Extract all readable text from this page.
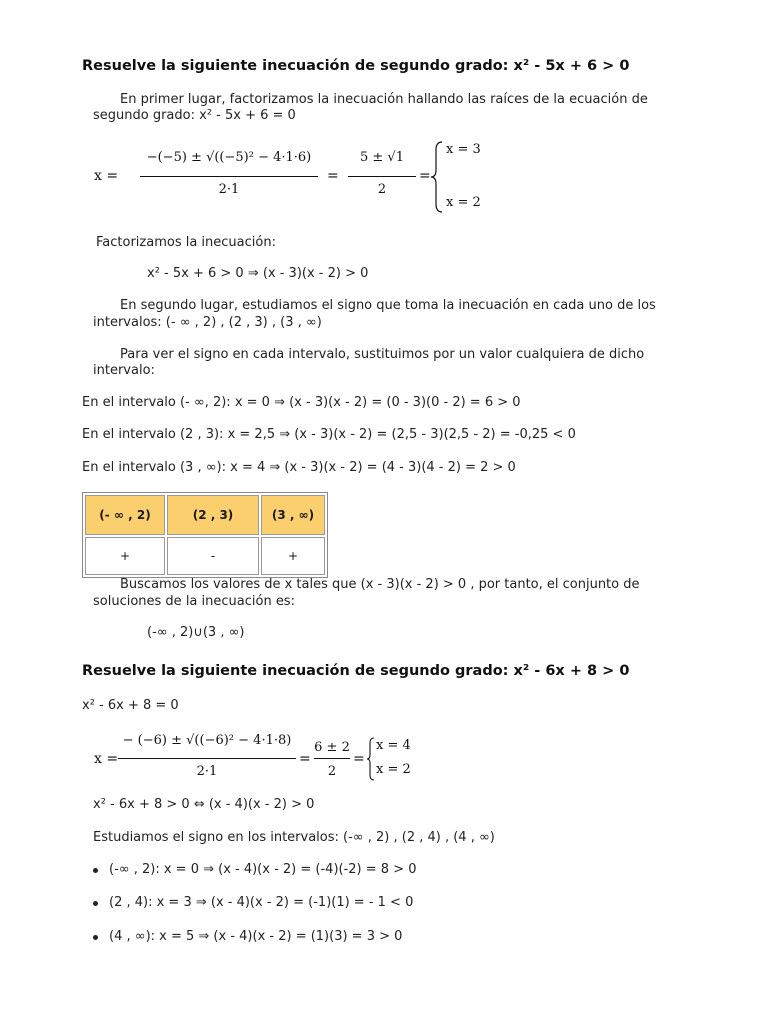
Resuelve la siguiente inecuación de segundo grado: x² - 5x + 6 > 0
En primer lugar, factorizamos la inecuación hallando las raíces de la ecuación de
segundo grado: x² - 5x + 6 = 0
x =
−(−5) ± √((−5)² − 4·1·6)
2·1
=
5 ± √1
2
=
x = 3
x = 2
Factorizamos la inecuación:
x² - 5x + 6 > 0 ⇒ (x - 3)(x - 2) > 0
En segundo lugar, estudiamos el signo que toma la inecuación en cada uno de los
intervalos: (- ∞ , 2) , (2 , 3) , (3 , ∞)
Para ver el signo en cada intervalo, sustituimos por un valor cualquiera de dicho
intervalo:
En el intervalo (- ∞, 2): x = 0 ⇒ (x - 3)(x - 2) = (0 - 3)(0 - 2) = 6 > 0
En el intervalo (2 , 3): x = 2,5 ⇒ (x - 3)(x - 2) = (2,5 - 3)(2,5 - 2) = -0,25 < 0
En el intervalo (3 , ∞): x = 4 ⇒ (x - 3)(x - 2) = (4 - 3)(4 - 2) = 2 > 0
(- ∞ , 2)	(2 , 3)	(3 , ∞)
+	-	+
Buscamos los valores de x tales que (x - 3)(x - 2) > 0 , por tanto, el conjunto de
soluciones de la inecuación es:
(-∞ , 2)∪(3 , ∞)
Resuelve la siguiente inecuación de segundo grado: x² - 6x + 8 > 0
x² - 6x + 8 = 0
x =
− (−6) ± √((−6)² − 4·1·8)
2·1
=
6 ± 2
2
=
x = 4
x = 2
x² - 6x + 8 > 0 ⇔ (x - 4)(x - 2) > 0
Estudiamos el signo en los intervalos: (-∞ , 2) , (2 , 4) , (4 , ∞)
(-∞ , 2): x = 0 ⇒ (x - 4)(x - 2) = (-4)(-2) = 8 > 0
(2 , 4): x = 3 ⇒ (x - 4)(x - 2) = (-1)(1) = - 1 < 0
(4 , ∞): x = 5 ⇒ (x - 4)(x - 2) = (1)(3) = 3 > 0
